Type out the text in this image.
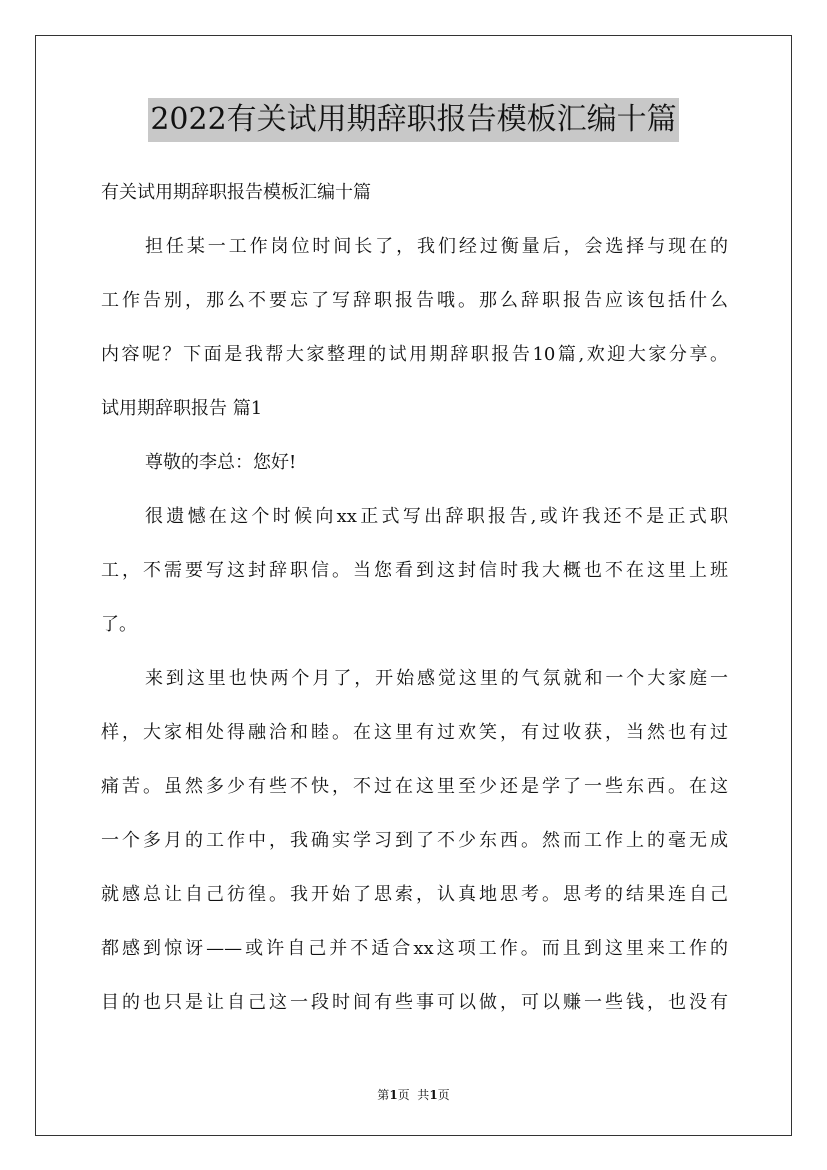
2022有关试用期辞职报告模板汇编十篇
有关试用期辞职报告模板汇编十篇
担任某一工作岗位时间长了，我们经过衡量后，会选择与现在的
工作告别，那么不要忘了写辞职报告哦。那么辞职报告应该包括什么
内容呢？下面是我帮大家整理的试用期辞职报告10篇,欢迎大家分享。
试用期辞职报告 篇1
尊敬的李总：您好!
很遗憾在这个时候向xx正式写出辞职报告,或许我还不是正式职
工，不需要写这封辞职信。当您看到这封信时我大概也不在这里上班
了。
来到这里也快两个月了，开始感觉这里的气氛就和一个大家庭一
样，大家相处得融洽和睦。在这里有过欢笑，有过收获，当然也有过
痛苦。虽然多少有些不快，不过在这里至少还是学了一些东西。在这
一个多月的工作中，我确实学习到了不少东西。然而工作上的毫无成
就感总让自己彷徨。我开始了思索，认真地思考。思考的结果连自己
都感到惊讶——或许自己并不适合xx这项工作。而且到这里来工作的
目的也只是让自己这一段时间有些事可以做，可以赚一些钱，也没有
第1页  共1页
